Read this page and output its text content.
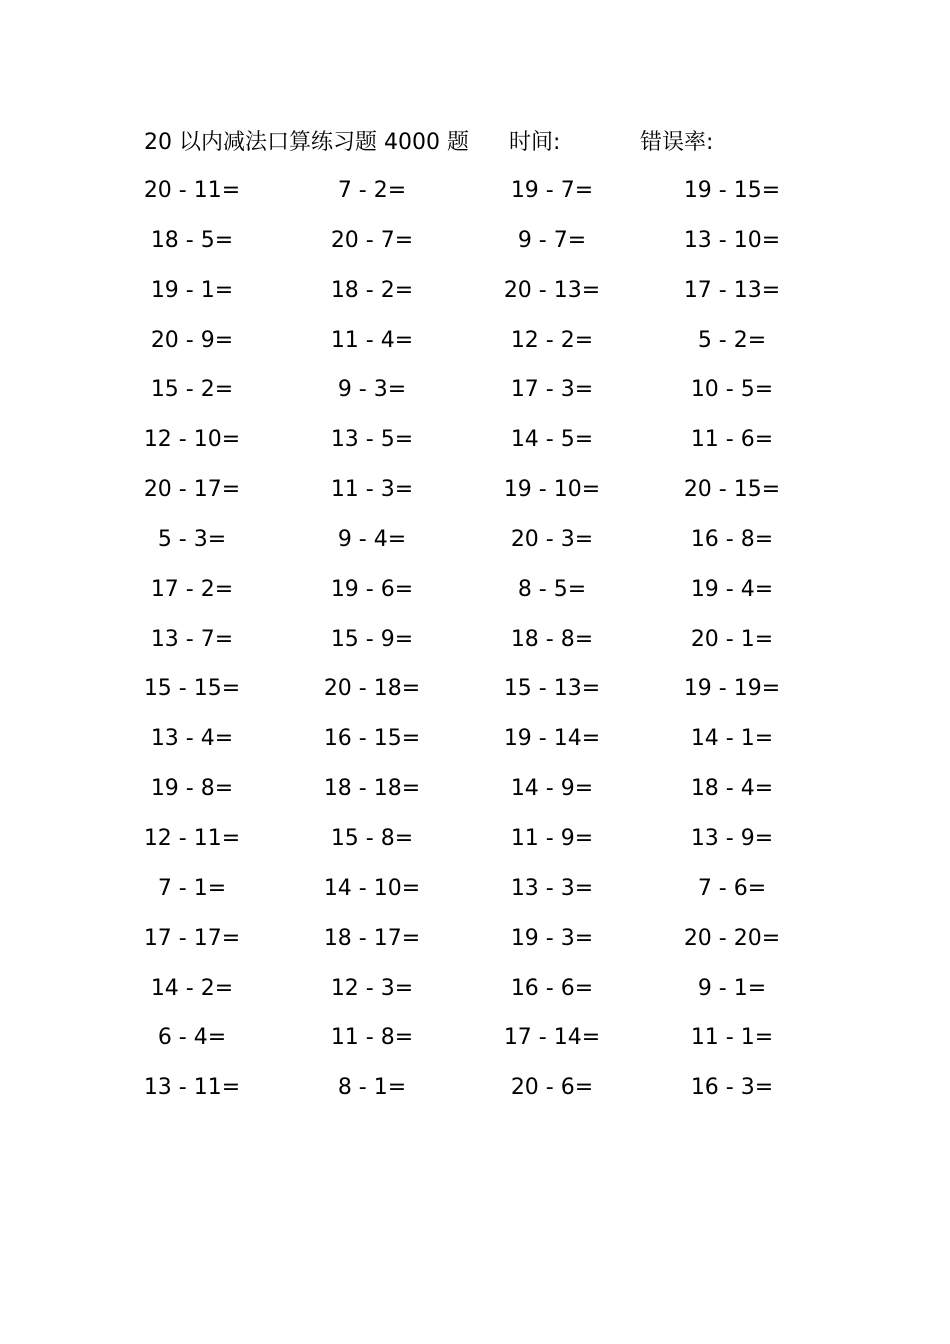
20 以内减法口算练习题 4000 题 时间:	错误率:
20 - 11=	7 - 2=	19 - 7=	19 - 15=
18 - 5=	20 - 7=	9 - 7=	13 - 10=
19 - 1=	18 - 2=	20 - 13=	17 - 13=
20 - 9=	11 - 4=	12 - 2=	5 - 2=
15 - 2=	9 - 3=	17 - 3=	10 - 5=
12 - 10=	13 - 5=	14 - 5=	11 - 6=
20 - 17=	11 - 3=	19 - 10=	20 - 15=
5 - 3=	9 - 4=	20 - 3=	16 - 8=
17 - 2=	19 - 6=	8 - 5=	19 - 4=
13 - 7=	15 - 9=	18 - 8=	20 - 1=
15 - 15=	20 - 18=	15 - 13=	19 - 19=
13 - 4=	16 - 15=	19 - 14=	14 - 1=
19 - 8=	18 - 18=	14 - 9=	18 - 4=
12 - 11=	15 - 8=	11 - 9=	13 - 9=
7 - 1=	14 - 10=	13 - 3=	7 - 6=
17 - 17=	18 - 17=	19 - 3=	20 - 20=
14 - 2=	12 - 3=	16 - 6=	9 - 1=
6 - 4=	11 - 8=	17 - 14=	11 - 1=
13 - 11=	8 - 1=	20 - 6=	16 - 3=
